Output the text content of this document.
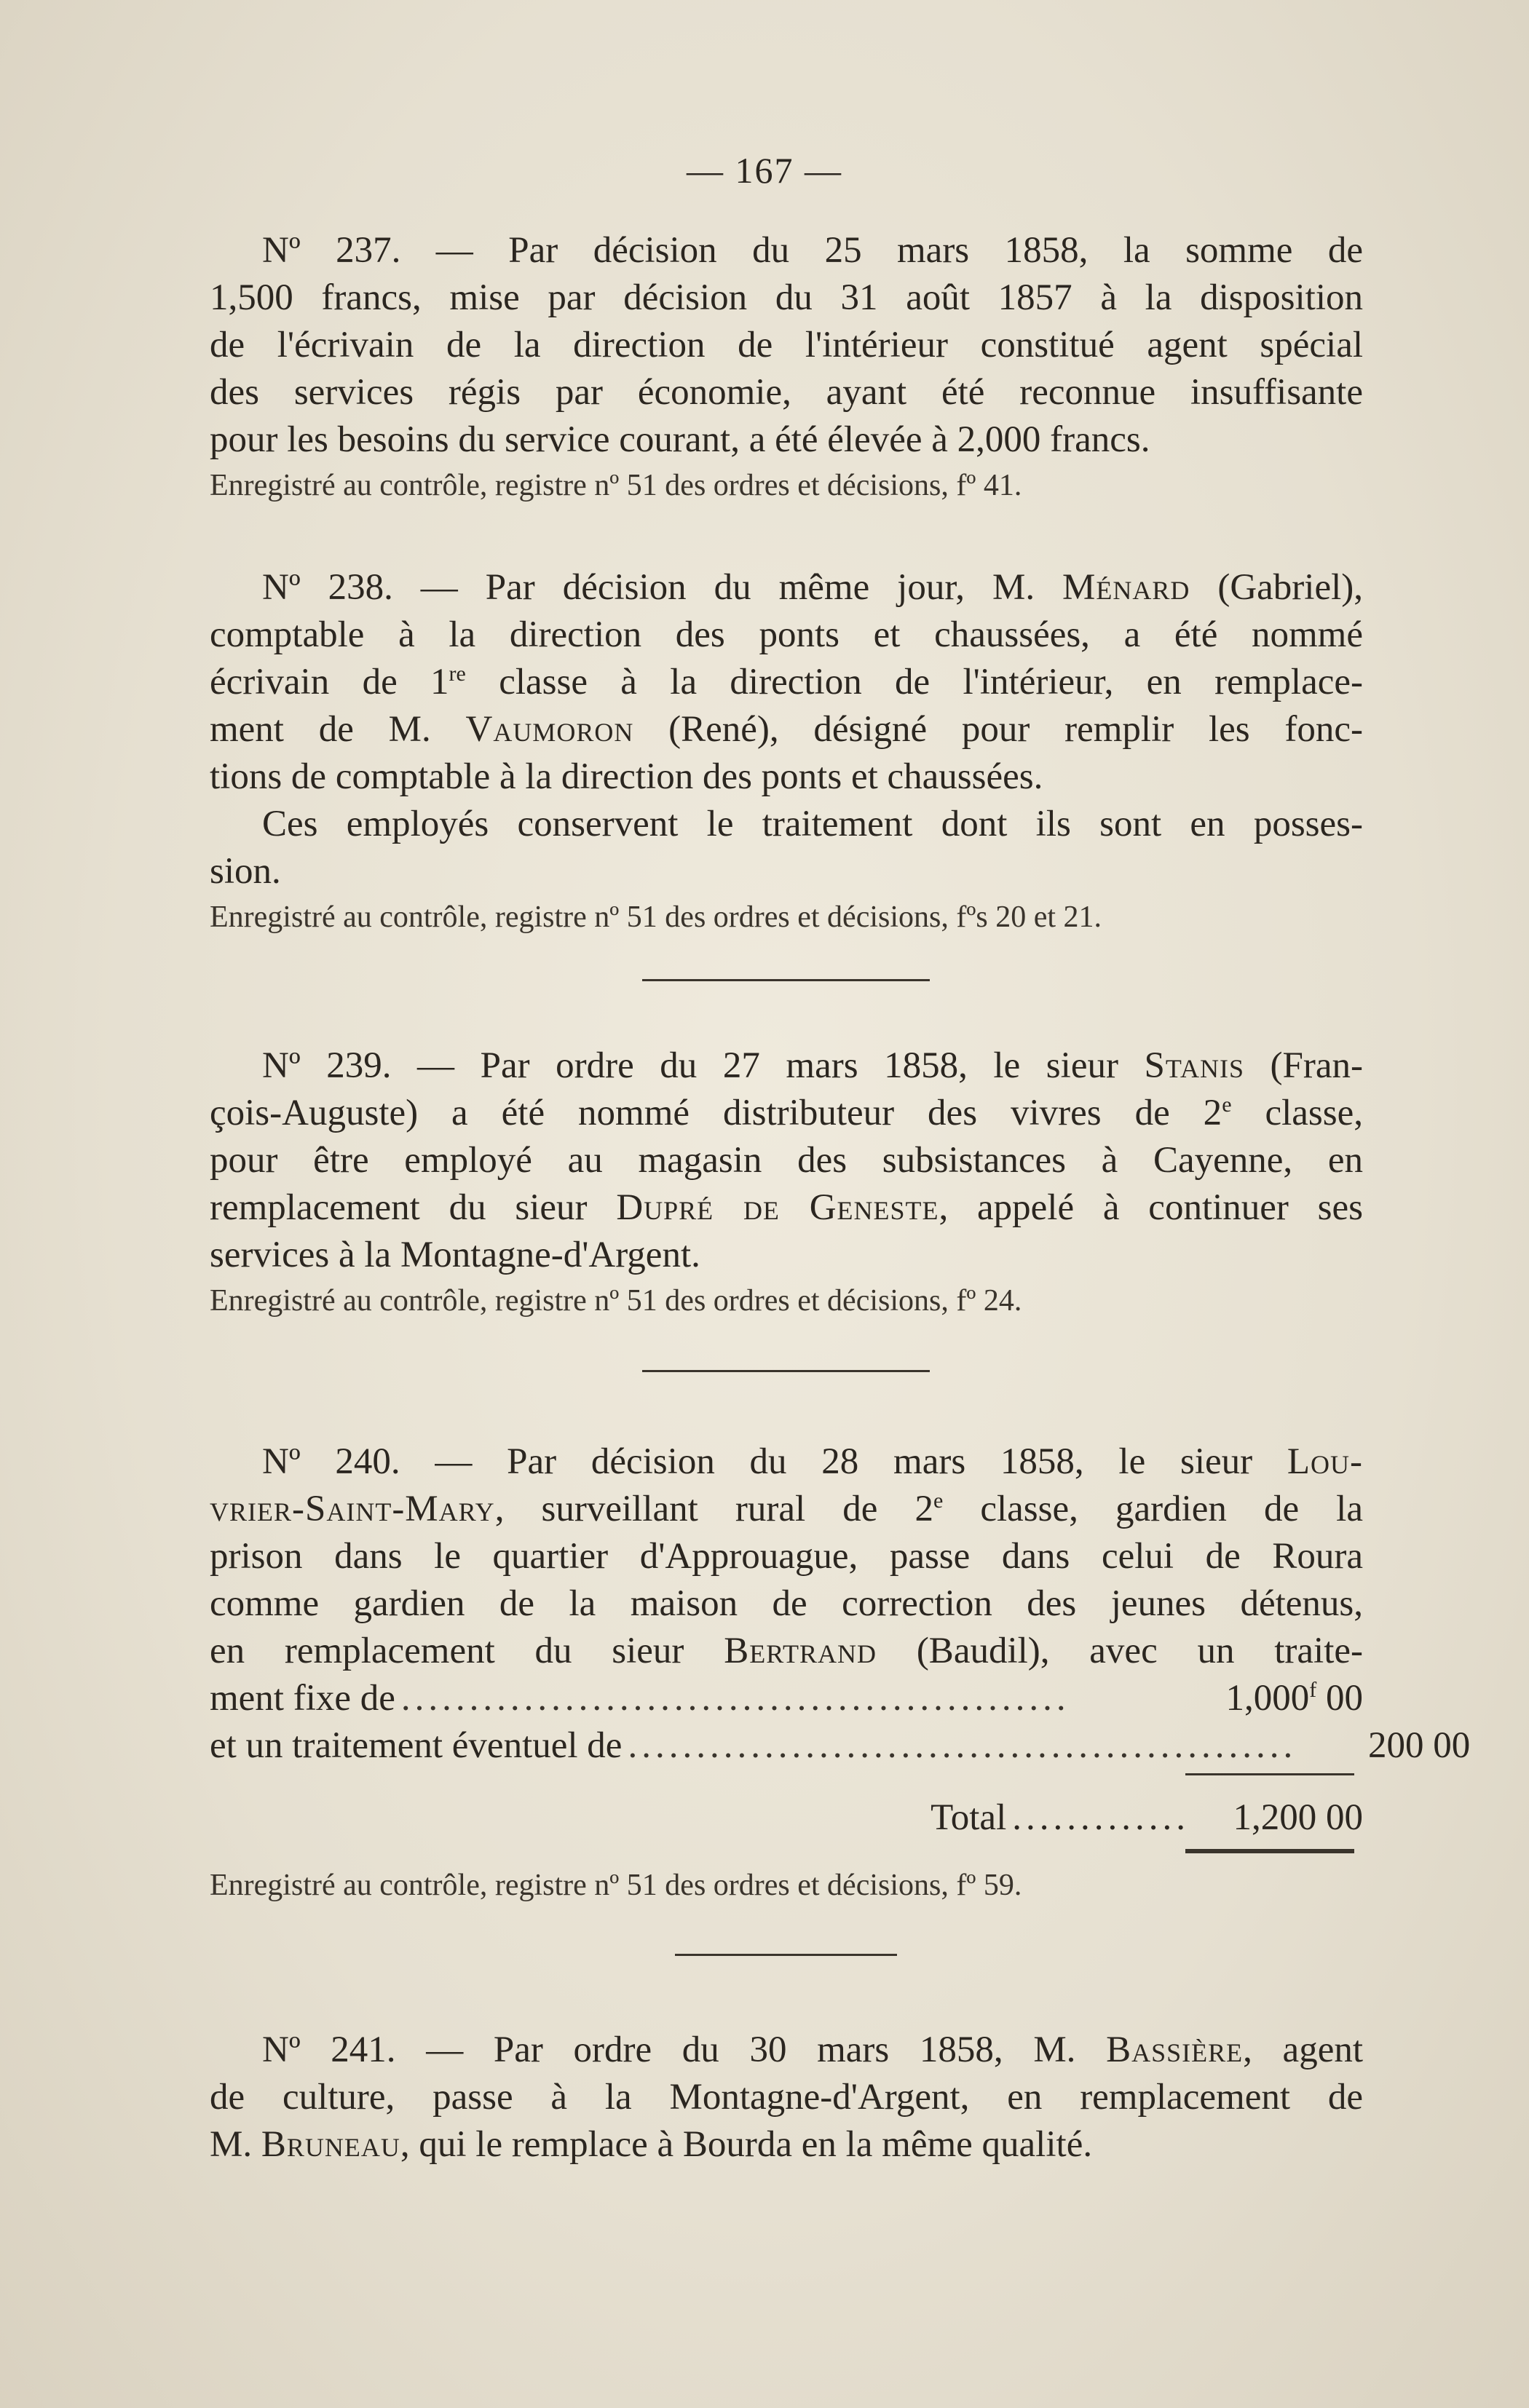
— 167 —
Nº 237. — Par décision du 25 mars 1858, la somme de
1,500 francs, mise par décision du 31 août 1857 à la disposition
de l'écrivain de la direction de l'intérieur constitué agent spécial
des services régis par économie, ayant été reconnue insuffisante
pour les besoins du service courant, a été élevée à 2,000 francs.
Enregistré au contrôle, registre nº 51 des ordres et décisions, fº 41.
Nº 238. — Par décision du même jour, M. Ménard (Gabriel),
comptable à la direction des ponts et chaussées, a été nommé
écrivain de 1re classe à la direction de l'intérieur, en remplace-
ment de M. Vaumoron (René), désigné pour remplir les fonc-
tions de comptable à la direction des ponts et chaussées.
Ces employés conservent le traitement dont ils sont en posses-
sion.
Enregistré au contrôle, registre nº 51 des ordres et décisions, fºs 20 et 21.
Nº 239. — Par ordre du 27 mars 1858, le sieur Stanis (Fran-
çois-Auguste) a été nommé distributeur des vivres de 2e classe,
pour être employé au magasin des subsistances à Cayenne, en
remplacement du sieur Dupré de Geneste, appelé à continuer ses
services à la Montagne-d'Argent.
Enregistré au contrôle, registre nº 51 des ordres et décisions, fº 24.
Nº 240. — Par décision du 28 mars 1858, le sieur Lou-
vrier-Saint-Mary, surveillant rural de 2e classe, gardien de la
prison dans le quartier d'Approuague, passe dans celui de Roura
comme gardien de la maison de correction des jeunes détenus,
en remplacement du sieur Bertrand (Baudil), avec un traite-
ment fixe de .................................................	1,000$^f$ 00
et un traitement éventuel de .................................................	200 00
Total .............	1,200 00
Enregistré au contrôle, registre nº 51 des ordres et décisions, fº 59.
Nº 241. — Par ordre du 30 mars 1858, M. Bassière, agent
de culture, passe à la Montagne-d'Argent, en remplacement de
M. Bruneau, qui le remplace à Bourda en la même qualité.
